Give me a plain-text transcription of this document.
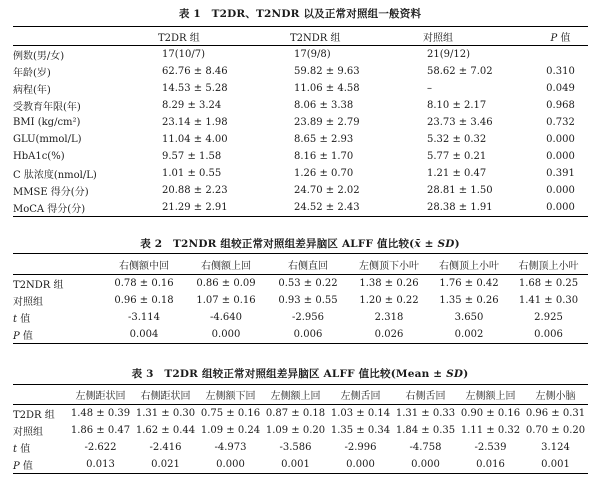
表 1　T2DR、T2NDR 以及正常对照组一般资料
	T2DR 组	T2NDR 组	对照组	P 值
例数(男/女)	17(10/7)	17(9/8)	21(9/12)	
年龄(岁)	62.76 ± 8.46	59.82 ± 9.63	58.62 ± 7.02	0.310
病程(年)	14.53 ± 5.28	11.06 ± 4.58	–	0.049
受教育年限(年)	8.29 ± 3.24	8.06 ± 3.38	8.10 ± 2.17	0.968
BMI (kg/cm²)	23.14 ± 1.98	23.89 ± 2.79	23.73 ± 3.46	0.732
GLU(mmol/L)	11.04 ± 4.00	8.65 ± 2.93	5.32 ± 0.32	0.000
HbA1c(%)	9.57 ± 1.58	8.16 ± 1.70	5.77 ± 0.21	0.000
C 肽浓度(nmol/L)	1.01 ± 0.55	1.26 ± 0.70	1.21 ± 0.47	0.391
MMSE 得分(分)	20.88 ± 2.23	24.70 ± 2.02	28.81 ± 1.50	0.000
MoCA 得分(分)	21.29 ± 2.91	24.52 ± 2.43	28.38 ± 1.91	0.000
表 2　T2NDR 组较正常对照组差异脑区 ALFF 值比较(x̄ ± SD)
	右侧额中回	右侧额上回	右侧直回	左侧顶下小叶	右侧顶上小叶	右侧顶上小叶
T2NDR 组	0.78 ± 0.16	0.86 ± 0.09	0.53 ± 0.22	1.38 ± 0.26	1.76 ± 0.42	1.68 ± 0.25
对照组	0.96 ± 0.18	1.07 ± 0.16	0.93 ± 0.55	1.20 ± 0.22	1.35 ± 0.26	1.41 ± 0.30
t 值	-3.114	-4.640	-2.956	2.318	3.650	2.925
P 值	0.004	0.000	0.006	0.026	0.002	0.006
表 3　T2DR 组较正常对照组差异脑区 ALFF 值比较(Mean ± SD)
	左侧距状回	右侧距状回	左侧额下回	左侧额上回	左侧舌回	右侧舌回	左侧额上回	左侧小脑
T2DR 组	1.48 ± 0.39	1.31 ± 0.30	0.75 ± 0.16	0.87 ± 0.18	1.03 ± 0.14	1.31 ± 0.33	0.90 ± 0.16	0.96 ± 0.31
对照组	1.86 ± 0.47	1.62 ± 0.44	1.09 ± 0.24	1.09 ± 0.20	1.35 ± 0.34	1.84 ± 0.35	1.11 ± 0.32	0.70 ± 0.20
t 值	-2.622	-2.416	-4.973	-3.586	-2.996	-4.758	-2.539	3.124
P 值	0.013	0.021	0.000	0.001	0.000	0.000	0.016	0.001
